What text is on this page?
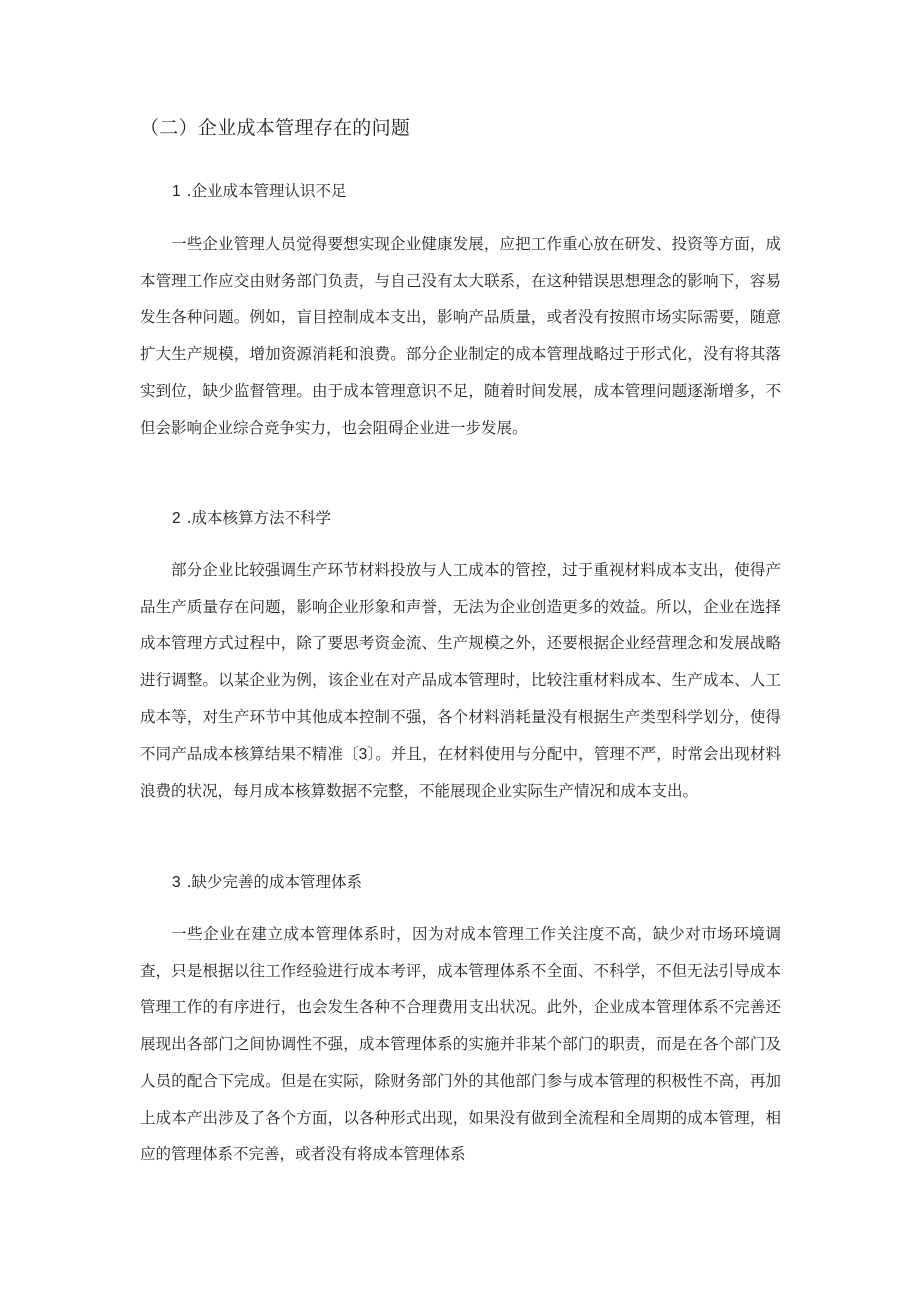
（二）企业成本管理存在的问题
1 .企业成本管理认识不足

一些企业管理人员觉得要想实现企业健康发展，应把工作重心放在研发、投资等方面，成本管理工作应交由财务部门负责，与自己没有太大联系，在这种错误思想理念的影响下，容易发生各种问题。例如，盲目控制成本支出，影响产品质量，或者没有按照市场实际需要，随意扩大生产规模，增加资源消耗和浪费。部分企业制定的成本管理战略过于形式化，没有将其落实到位，缺少监督管理。由于成本管理意识不足，随着时间发展，成本管理问题逐渐增多，不但会影响企业综合竞争实力，也会阻碍企业进一步发展。

2 .成本核算方法不科学

部分企业比较强调生产环节材料投放与人工成本的管控，过于重视材料成本支出，使得产品生产质量存在问题，影响企业形象和声誉，无法为企业创造更多的效益。所以，企业在选择成本管理方式过程中，除了要思考资金流、生产规模之外，还要根据企业经营理念和发展战略进行调整。以某企业为例，该企业在对产品成本管理时，比较注重材料成本、生产成本、人工成本等，对生产环节中其他成本控制不强，各个材料消耗量没有根据生产类型科学划分，使得不同产品成本核算结果不精准〔3〕。并且，在材料使用与分配中，管理不严，时常会出现材料浪费的状况，每月成本核算数据不完整，不能展现企业实际生产情况和成本支出。

3 .缺少完善的成本管理体系

一些企业在建立成本管理体系时，因为对成本管理工作关注度不高，缺少对市场环境调查，只是根据以往工作经验进行成本考评，成本管理体系不全面、不科学，不但无法引导成本管理工作的有序进行，也会发生各种不合理费用支出状况。此外，企业成本管理体系不完善还展现出各部门之间协调性不强，成本管理体系的实施并非某个部门的职责，而是在各个部门及人员的配合下完成。但是在实际，除财务部门外的其他部门参与成本管理的积极性不高，再加上成本产出涉及了各个方面，以各种形式出现，如果没有做到全流程和全周期的成本管理，相应的管理体系不完善，或者没有将成本管理体系
